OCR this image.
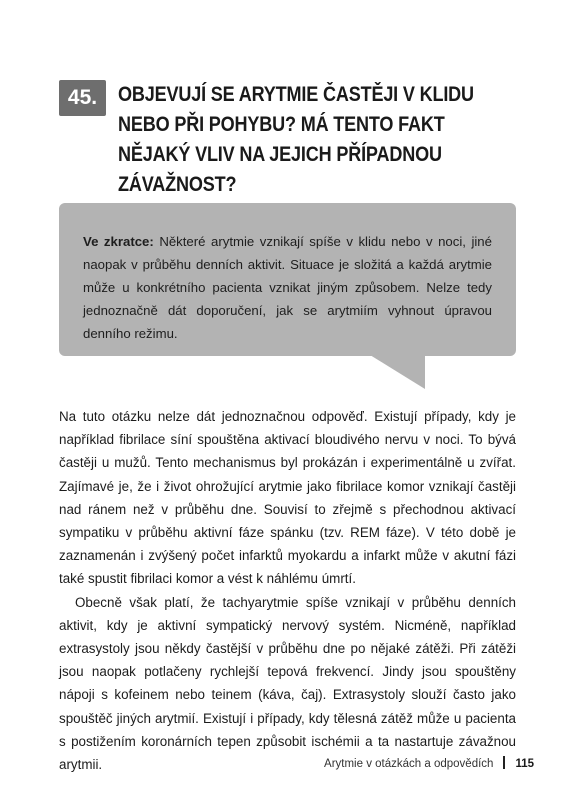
45. OBJEVUJÍ SE ARYTMIE ČASTĚJI V KLIDU NEBO PŘI POHYBU? MÁ TENTO FAKT NĚJAKÝ VLIV NA JEJICH PŘÍPADNOU ZÁVAŽNOST?

Ve zkratce: Některé arytmie vznikají spíše v klidu nebo v noci, jiné naopak v průběhu denních aktivit. Situace je složitá a každá arytmie může u konkrétního pacienta vznikat jiným způsobem. Nelze tedy jednoznačně dát doporučení, jak se arytmiím vyhnout úpravou denního režimu.

Na tuto otázku nelze dát jednoznačnou odpověď. Existují případy, kdy je například fibrilace síní spouštěna aktivací bloudivého nervu v noci. To bývá častěji u mužů. Tento mechanismus byl prokázán i experimentálně u zvířat. Zajímavé je, že i život ohrožující arytmie jako fibrilace komor vznikají častěji nad ránem než v průběhu dne. Souvisí to zřejmě s přechodnou aktivací sympatiku v průběhu aktivní fáze spánku (tzv. REM fáze). V této době je zaznamenán i zvýšený počet infarktů myokardu a infarkt může v akutní fázi také spustit fibrilaci komor a vést k náhlému úmrtí.

Obecně však platí, že tachyarytmie spíše vznikají v průběhu denních aktivit, kdy je aktivní sympatický nervový systém. Nicméně, například extrasystoly jsou někdy častější v průběhu dne po nějaké zátěži. Při zátěži jsou naopak potlačeny rychlejší tepová frekvencí. Jindy jsou spouštěny nápoji s kofeinem nebo teinem (káva, čaj). Extrasystoly slouží často jako spouštěč jiných arytmií. Existují i případy, kdy tělesná zátěž může u pacienta s postižením koronárních tepen způsobit ischémii a ta nastartuje závažnou arytmii.	Arytmie v otázkách a odpovědích 115
